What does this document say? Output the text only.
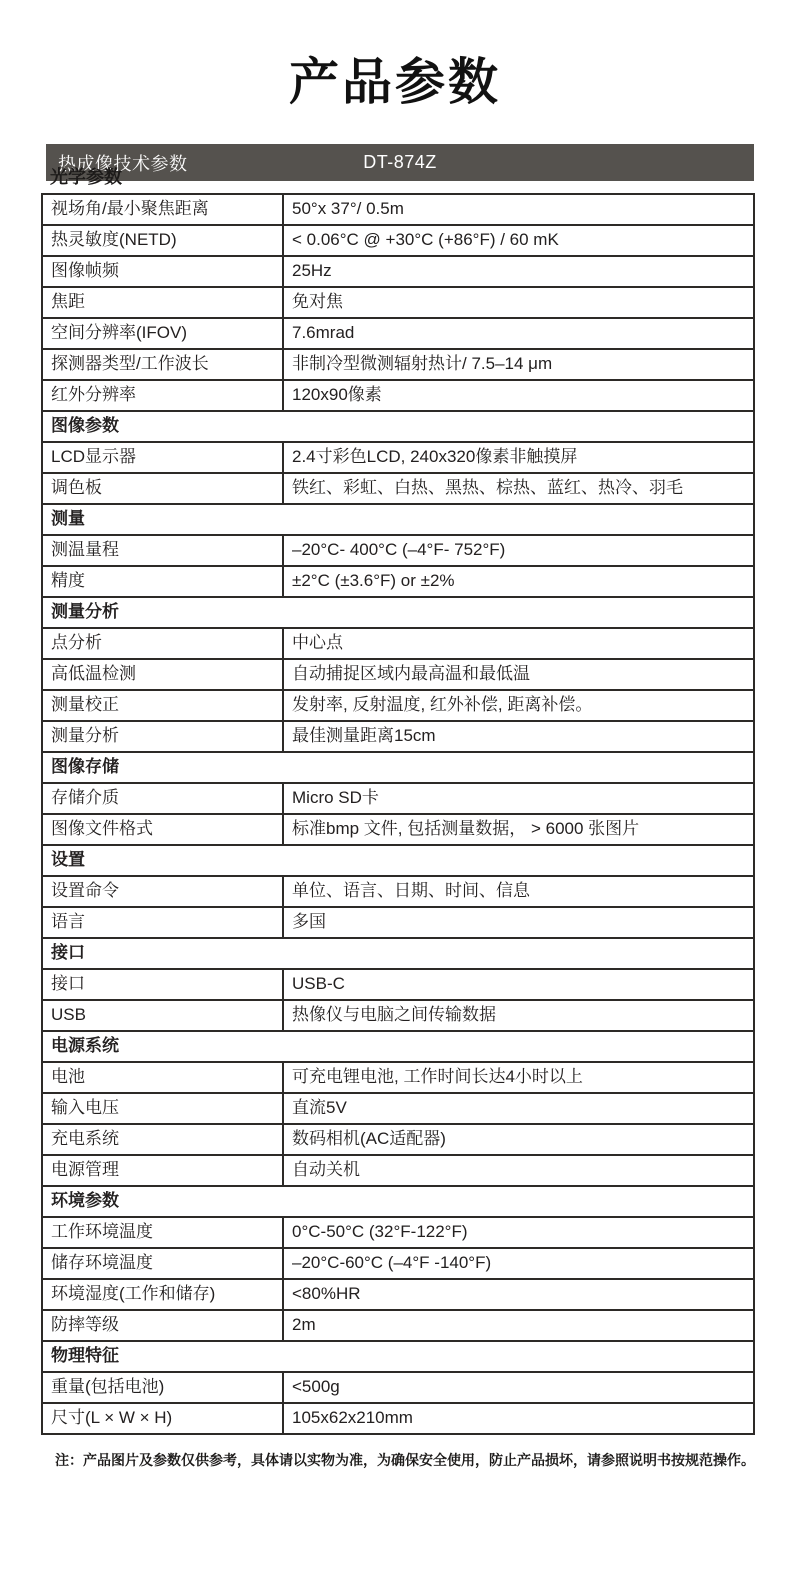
产品参数
热成像技术参数	DT-874Z
光学参数
视场角/最小聚焦距离	50°x 37°/ 0.5m
热灵敏度(NETD)	< 0.06°C @ +30°C (+86°F) / 60 mK
图像帧频	25Hz
焦距	免对焦
空间分辨率(IFOV)	7.6mrad
探测器类型/工作波长	非制冷型微测辐射热计/ 7.5–14 μm
红外分辨率	120x90像素
图像参数	
LCD显示器	2.4寸彩色LCD, 240x320像素非触摸屏
调色板	铁红、彩虹、白热、黑热、棕热、蓝红、热冷、羽毛
测量	
测温量程	–20°C- 400°C (–4°F- 752°F)
精度	±2°C (±3.6°F) or ±2%
测量分析	
点分析	中心点
高低温检测	自动捕捉区域内最高温和最低温
测量校正	发射率, 反射温度, 红外补偿, 距离补偿。
测量分析	最佳测量距离15cm
图像存储	
存储介质	Micro SD卡
图像文件格式	标准bmp 文件, 包括测量数据， > 6000 张图片
设置	
设置命令	单位、语言、日期、时间、信息
语言	多国
接口	
接口	USB-C
USB	热像仪与电脑之间传输数据
电源系统	
电池	可充电锂电池, 工作时间长达4小时以上
输入电压	直流5V
充电系统	数码相机(AC适配器)
电源管理	自动关机
环境参数	
工作环境温度	0°C-50°C (32°F-122°F)
储存环境温度	–20°C-60°C (–4°F -140°F)
环境湿度(工作和储存)	<80%HR
防摔等级	2m
物理特征	
重量(包括电池)	<500g
尺寸(L × W × H)	105x62x210mm

注：产品图片及参数仅供参考，具体请以实物为准，为确保安全使用，防止产品损坏，请参照说明书按规范操作。
